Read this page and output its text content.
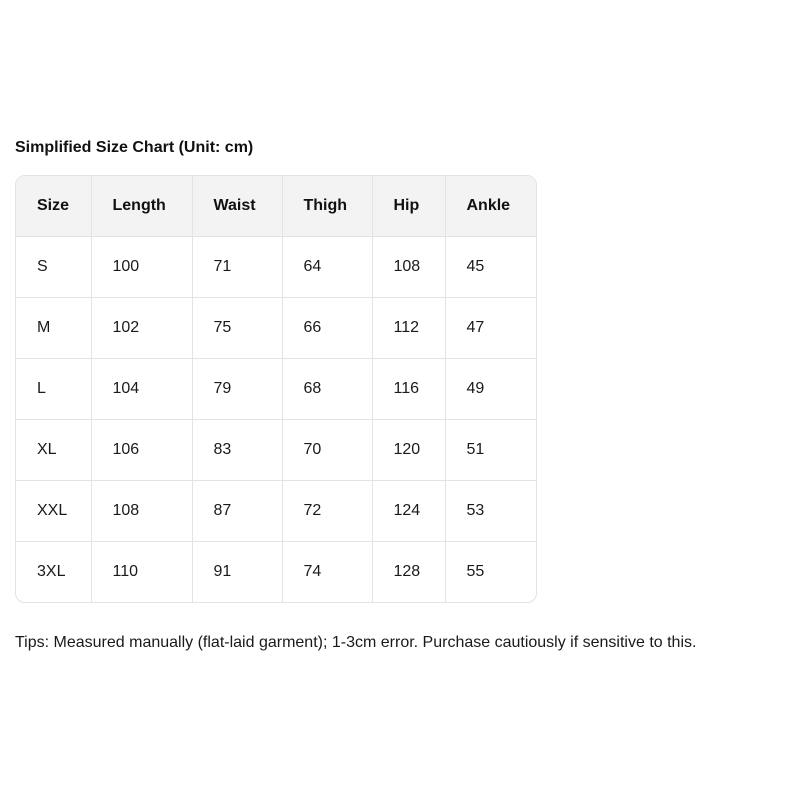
Simplified Size Chart (Unit: cm)
Size	Length	Waist	Thigh	Hip	Ankle
S	100	71	64	108	45
M	102	75	66	112	47
L	104	79	68	116	49
XL	106	83	70	120	51
XXL	108	87	72	124	53
3XL	110	91	74	128	55
Tips: Measured manually (flat-laid garment); 1-3cm error. Purchase cautiously if sensitive to this.
